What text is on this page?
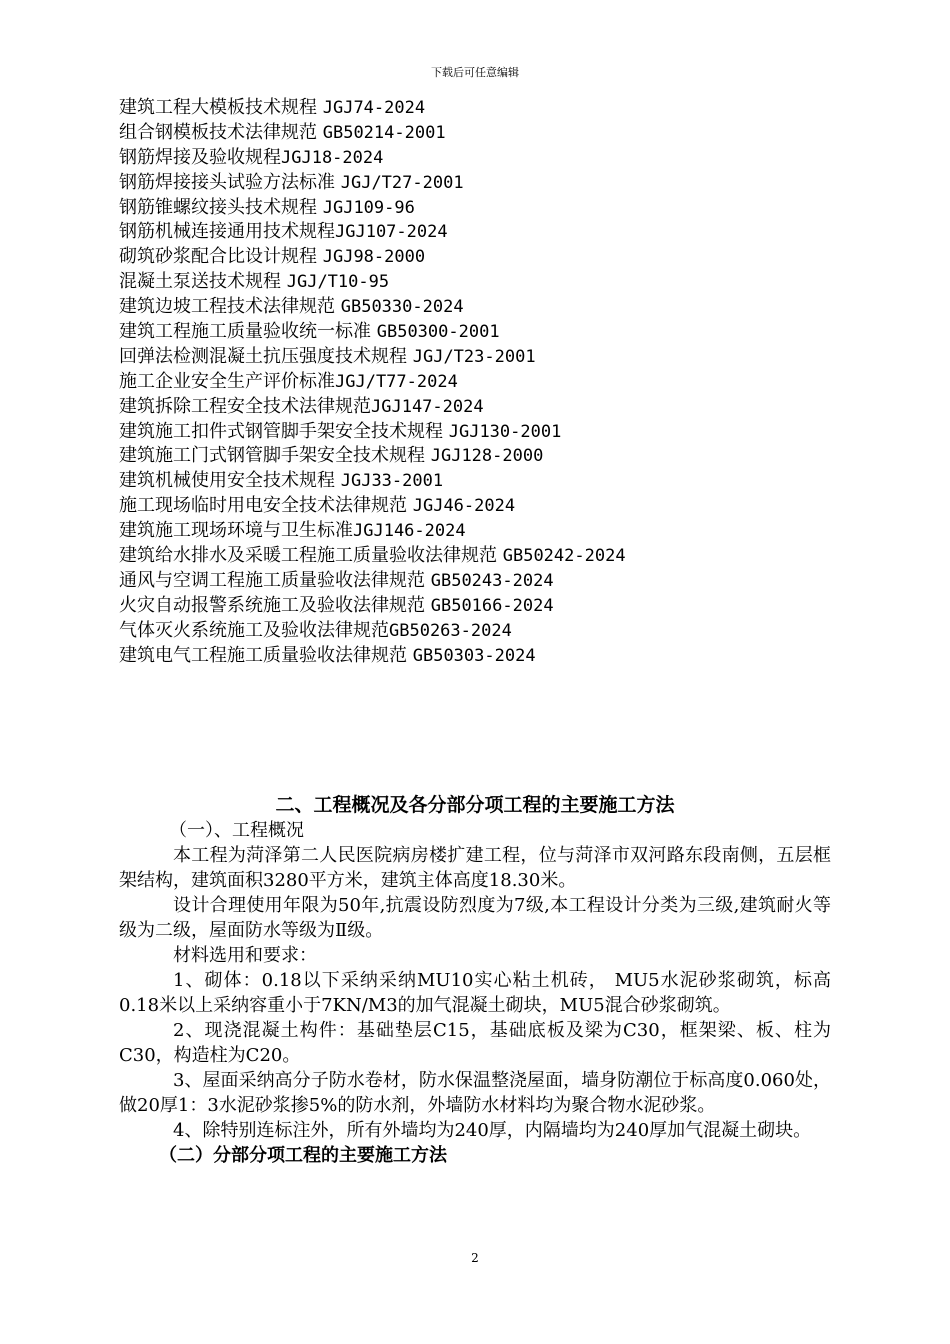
下载后可任意编辑
建筑工程大模板技术规程 JGJ74-2024
组合钢模板技术法律规范 GB50214-2001
钢筋焊接及验收规程JGJ18-2024
钢筋焊接接头试验方法标准 JGJ/T27-2001
钢筋锥螺纹接头技术规程 JGJ109-96
钢筋机械连接通用技术规程JGJ107-2024
砌筑砂浆配合比设计规程 JGJ98-2000
混凝土泵送技术规程 JGJ/T10-95
建筑边坡工程技术法律规范 GB50330-2024
建筑工程施工质量验收统一标准 GB50300-2001
回弹法检测混凝土抗压强度技术规程 JGJ/T23-2001
施工企业安全生产评价标准JGJ/T77-2024
建筑拆除工程安全技术法律规范JGJ147-2024
建筑施工扣件式钢管脚手架安全技术规程 JGJ130-2001
建筑施工门式钢管脚手架安全技术规程 JGJ128-2000
建筑机械使用安全技术规程 JGJ33-2001
施工现场临时用电安全技术法律规范 JGJ46-2024
建筑施工现场环境与卫生标准JGJ146-2024
建筑给水排水及采暖工程施工质量验收法律规范 GB50242-2024
通风与空调工程施工质量验收法律规范 GB50243-2024
火灾自动报警系统施工及验收法律规范 GB50166-2024
气体灭火系统施工及验收法律规范GB50263-2024
建筑电气工程施工质量验收法律规范 GB50303-2024
二、工程概况及各分部分项工程的主要施工方法
（一）、工程概况

本工程为菏泽第二人民医院病房楼扩建工程，位与菏泽市双河路东段南侧，五层框架结构，建筑面积3280平方米，建筑主体高度18.30米。

设计合理使用年限为50年,抗震设防烈度为7级,本工程设计分类为三级,建筑耐火等级为二级，屋面防水等级为Ⅱ级。

材料选用和要求：

1、砌体：0.18以下采纳采纳MU10实心粘土机砖， MU5水泥砂浆砌筑，标高0.18米以上采纳容重小于7KN/M3的加气混凝土砌块，MU5混合砂浆砌筑。

2、现浇混凝土构件：基础垫层C15，基础底板及梁为C30，框架梁、板、柱为C30，构造柱为C20。

3、屋面采纳高分子防水卷材，防水保温整浇屋面，墙身防潮位于标高度0.060处，做20厚1：3水泥砂浆掺5%的防水剂，外墙防水材料均为聚合物水泥砂浆。

4、除特别连标注外，所有外墙均为240厚，内隔墙均为240厚加气混凝土砌块。

（二）分部分项工程的主要施工方法
2
